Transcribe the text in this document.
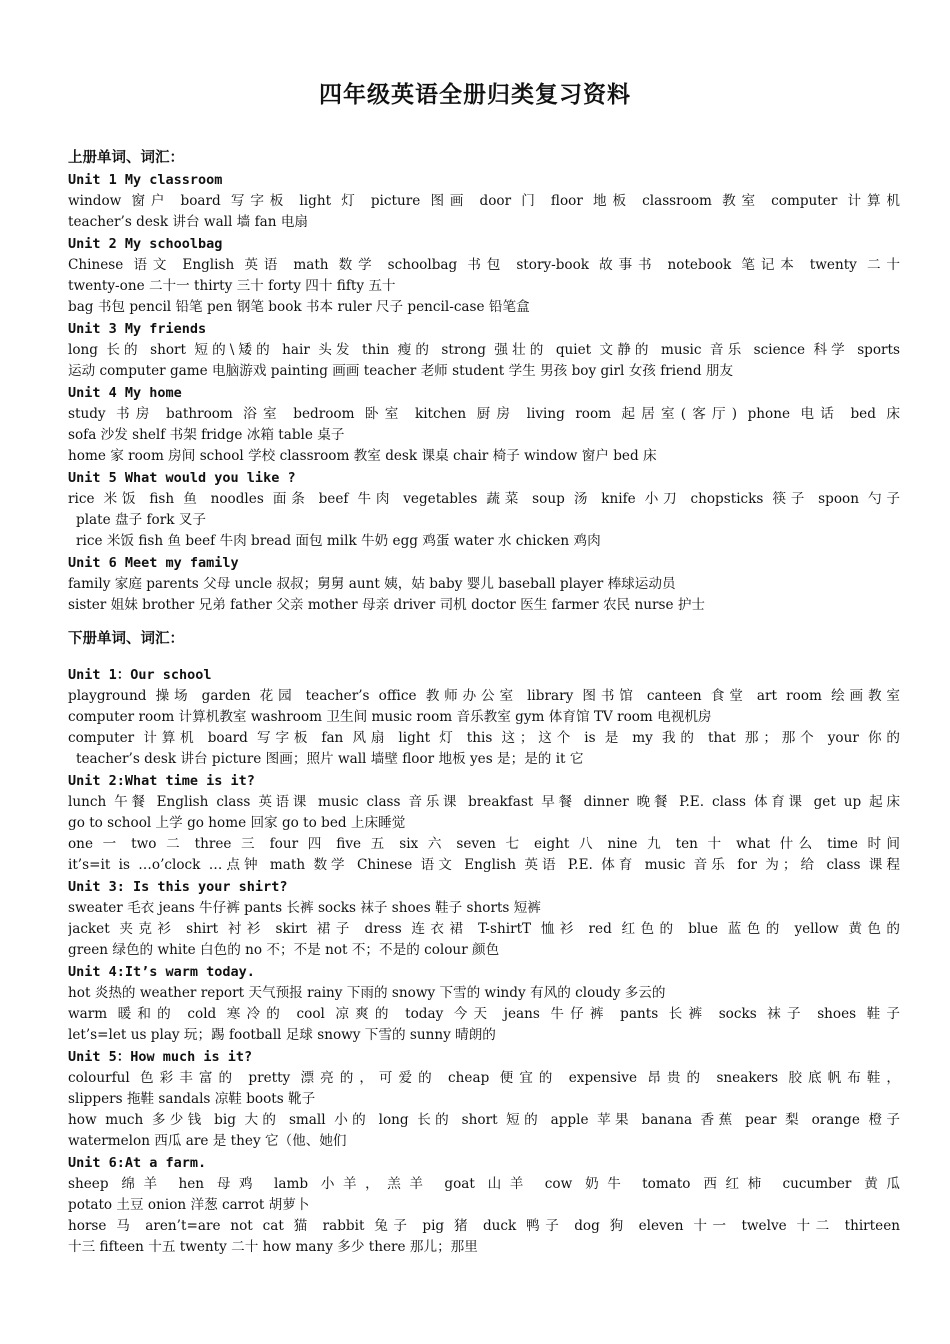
四年级英语全册归类复习资料
上册单词、词汇：
Unit 1 My classroom
window 窗户 board 写字板 light 灯 picture 图画 door 门 floor 地板 classroom 教室 computer 计算机
teacher’s desk 讲台 wall 墙 fan 电扇
Unit 2 My schoolbag
Chinese 语文 English 英语 math 数学 schoolbag 书包 story-book 故事书 notebook 笔记本 twenty 二十
twenty-one 二十一 thirty 三十 forty 四十 fifty 五十
bag 书包 pencil 铅笔 pen 钢笔 book 书本 ruler 尺子 pencil-case 铅笔盒
Unit 3 My friends
long 长的 short 短的\矮的 hair 头发 thin 瘦的 strong 强壮的 quiet 文静的 music 音乐 science 科学 sports
运动 computer game 电脑游戏 painting 画画 teacher 老师 student 学生 男孩 boy girl 女孩 friend 朋友
Unit 4 My home
study 书房 bathroom 浴室 bedroom 卧室 kitchen 厨房 living room 起居室(客厅) phone 电话 bed 床
sofa 沙发 shelf 书架 fridge 冰箱 table 桌子
home 家 room 房间 school 学校 classroom 教室 desk 课桌 chair 椅子 window 窗户 bed 床
Unit 5 What would you like ?
rice 米饭 fish 鱼 noodles 面条 beef 牛肉 vegetables 蔬菜 soup 汤 knife 小刀 chopsticks 筷子 spoon 勺子
plate 盘子 fork 叉子
rice 米饭 fish 鱼 beef 牛肉 bread 面包 milk 牛奶 egg 鸡蛋 water 水 chicken 鸡肉
Unit 6 Meet my family
family 家庭 parents 父母 uncle 叔叔；舅舅 aunt 姨，姑 baby 婴儿 baseball player 棒球运动员
sister 姐妹 brother 兄弟 father 父亲 mother 母亲 driver 司机 doctor 医生 farmer 农民 nurse 护士
下册单词、词汇：
Unit 1：Our school
playground 操场 garden 花园 teacher’s office 教师办公室 library 图书馆 canteen 食堂 art room 绘画教室
computer room 计算机教室 washroom 卫生间 music room 音乐教室 gym 体育馆 TV room 电视机房
computer 计算机 board 写字板 fan 风扇 light 灯 this 这；这个 is 是 my 我的 that 那；那个 your 你的
teacher’s desk 讲台 picture 图画；照片 wall 墙壁 floor 地板 yes 是；是的 it 它
Unit 2:What time is it?
lunch 午餐 English class 英语课 music class 音乐课 breakfast 早餐 dinner 晚餐 P.E. class 体育课 get up 起床
go to school 上学 go home 回家 go to bed 上床睡觉
one 一 two 二 three 三 four 四 five 五 six 六 seven 七 eight 八 nine 九 ten 十 what 什么 time 时间
it’s=it is …o’clock …点钟 math 数学 Chinese 语文 English 英语 P.E. 体育 music 音乐 for 为；给 class 课程
Unit 3: Is this your shirt?
sweater 毛衣 jeans 牛仔裤 pants 长裤 socks 袜子 shoes 鞋子 shorts 短裤
jacket 夹克衫 shirt 衬衫 skirt 裙子 dress 连衣裙 T-shirtT 恤衫 red 红色的 blue 蓝色的 yellow 黄色的
green 绿色的 white 白色的 no 不；不是 not 不；不是的 colour 颜色
Unit 4:It’s warm today.
hot 炎热的 weather report 天气预报 rainy 下雨的 snowy 下雪的 windy 有风的 cloudy 多云的
warm 暖和的 cold 寒冷的 cool 凉爽的 today 今天 jeans 牛仔裤 pants 长裤 socks 袜子 shoes 鞋子
let’s=let us play 玩；踢 football 足球 snowy 下雪的 sunny 晴朗的
Unit 5：How much is it?
colourful 色彩丰富的 pretty 漂亮的，可爱的 cheap 便宜的 expensive 昂贵的 sneakers 胶底帆布鞋，
slippers 拖鞋 sandals 凉鞋 boots 靴子
how much 多少钱 big 大的 small 小的 long 长的 short 短的 apple 苹果 banana 香蕉 pear 梨 orange 橙子
watermelon 西瓜 are 是 they 它（他、她们
Unit 6:At a farm.
sheep 绵羊 hen 母鸡 lamb 小羊，羔羊 goat 山羊 cow 奶牛 tomato 西红柿 cucumber 黄瓜
potato 土豆 onion 洋葱 carrot 胡萝卜
horse 马 aren’t=are not cat 猫 rabbit 兔子 pig 猪 duck 鸭子 dog 狗 eleven 十一 twelve 十二 thirteen
十三 fifteen 十五 twenty 二十 how many 多少 there 那儿；那里
